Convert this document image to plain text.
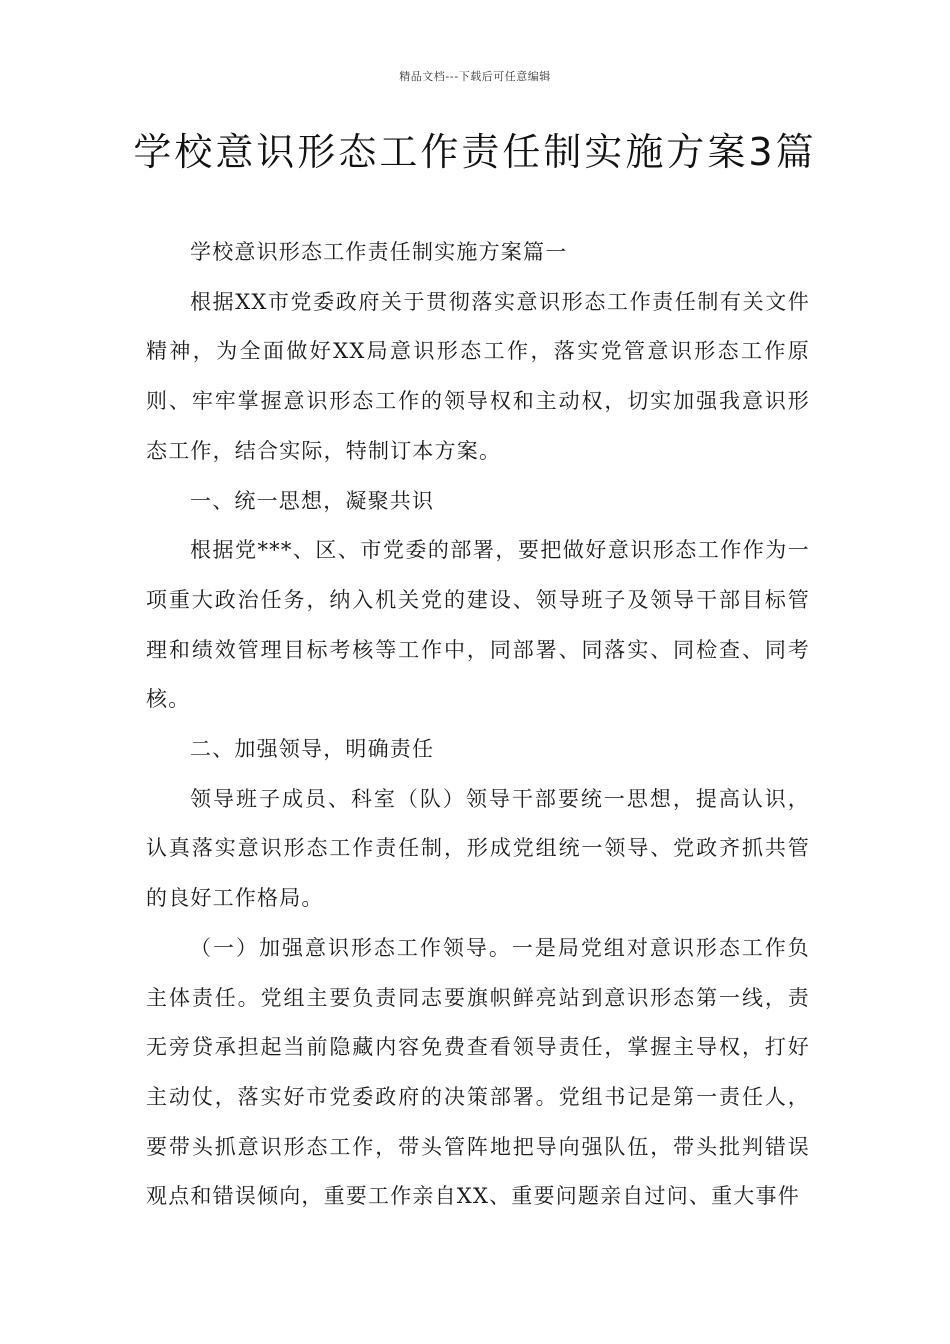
精品文档---下载后可任意编辑
学校意识形态工作责任制实施方案3篇

学校意识形态工作责任制实施方案篇一

根据XX市党委政府关于贯彻落实意识形态工作责任制有关文件精神，为全面做好XX局意识形态工作，落实党管意识形态工作原则、牢牢掌握意识形态工作的领导权和主动权，切实加强我意识形态工作，结合实际，特制订本方案。

一、统一思想，凝聚共识

根据党***、区、市党委的部署，要把做好意识形态工作作为一项重大政治任务，纳入机关党的建设、领导班子及领导干部目标管理和绩效管理目标考核等工作中，同部署、同落实、同检查、同考核。

二、加强领导，明确责任

领导班子成员、科室（队）领导干部要统一思想，提高认识，认真落实意识形态工作责任制，形成党组统一领导、党政齐抓共管的良好工作格局。

（一）加强意识形态工作领导。一是局党组对意识形态工作负主体责任。党组主要负责同志要旗帜鲜亮站到意识形态第一线，责无旁贷承担起当前隐藏内容免费查看领导责任，掌握主导权，打好主动仗，落实好市党委政府的决策部署。党组书记是第一责任人，要带头抓意识形态工作，带头管阵地把导向强队伍，带头批判错误观点和错误倾向，重要工作亲自XX、重要问题亲自过问、重大事件
